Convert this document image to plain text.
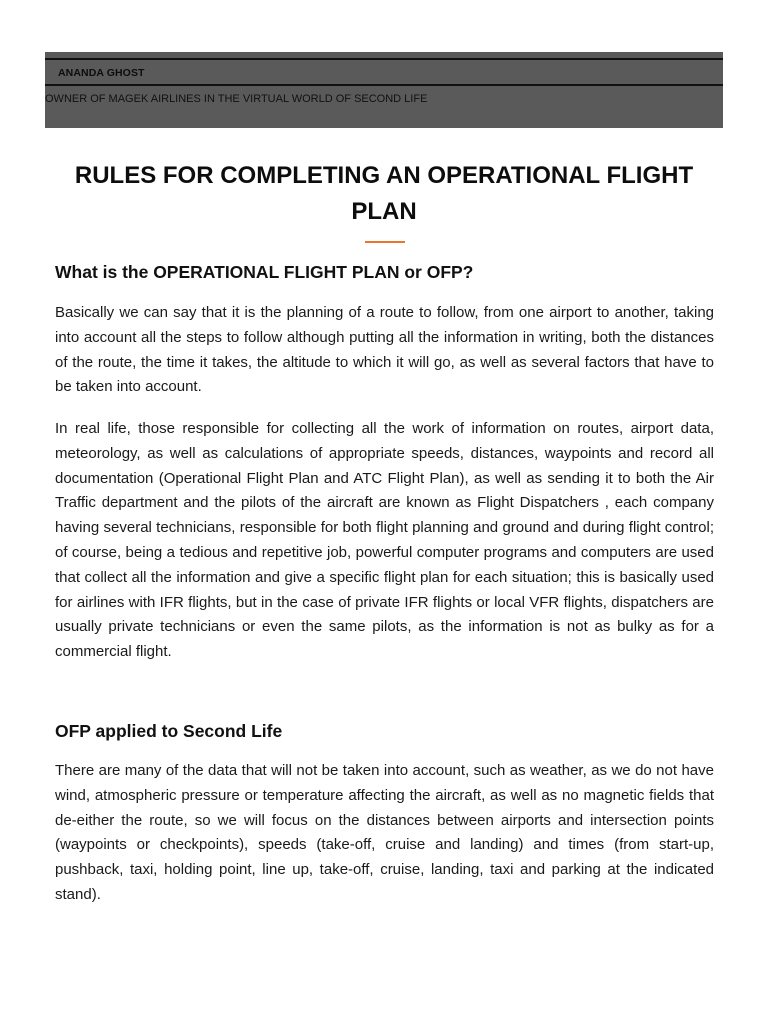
ANANDA GHOST
OWNER OF MAGEK AIRLINES IN THE VIRTUAL WORLD OF SECOND LIFE
RULES FOR COMPLETING AN OPERATIONAL FLIGHT PLAN
What is the OPERATIONAL FLIGHT PLAN or OFP?

Basically we can say that it is the planning of a route to follow, from one airport to another, taking into account all the steps to follow although putting all the information in writing, both the distances of the route, the time it takes, the altitude to which it will go, as well as several factors that have to be taken into account.

In real life, those responsible for collecting all the work of information on routes, airport data, meteorology, as well as calculations of appropriate speeds, distances, waypoints and record all documentation (Operational Flight Plan and ATC Flight Plan), as well as sending it to both the Air Traffic department and the pilots of the aircraft are known as Flight Dispatchers , each company having several technicians, responsible for both flight planning and ground and during flight control; of course, being a tedious and repetitive job, powerful computer programs and computers are used that collect all the information and give a specific flight plan for each situation; this is basically used for airlines with IFR flights, but in the case of private IFR flights or local VFR flights, dispatchers are usually private technicians or even the same pilots, as the information is not as bulky as for a commercial flight.

OFP applied to Second Life

There are many of the data that will not be taken into account, such as weather, as we do not have wind, atmospheric pressure or temperature affecting the aircraft, as well as no magnetic fields that de-either the route, so we will focus on the distances between airports and intersection points (waypoints or checkpoints), speeds (take-off, cruise and landing) and times (from start-up, pushback, taxi, holding point, line up, take-off, cruise, landing, taxi and parking at the indicated stand).
